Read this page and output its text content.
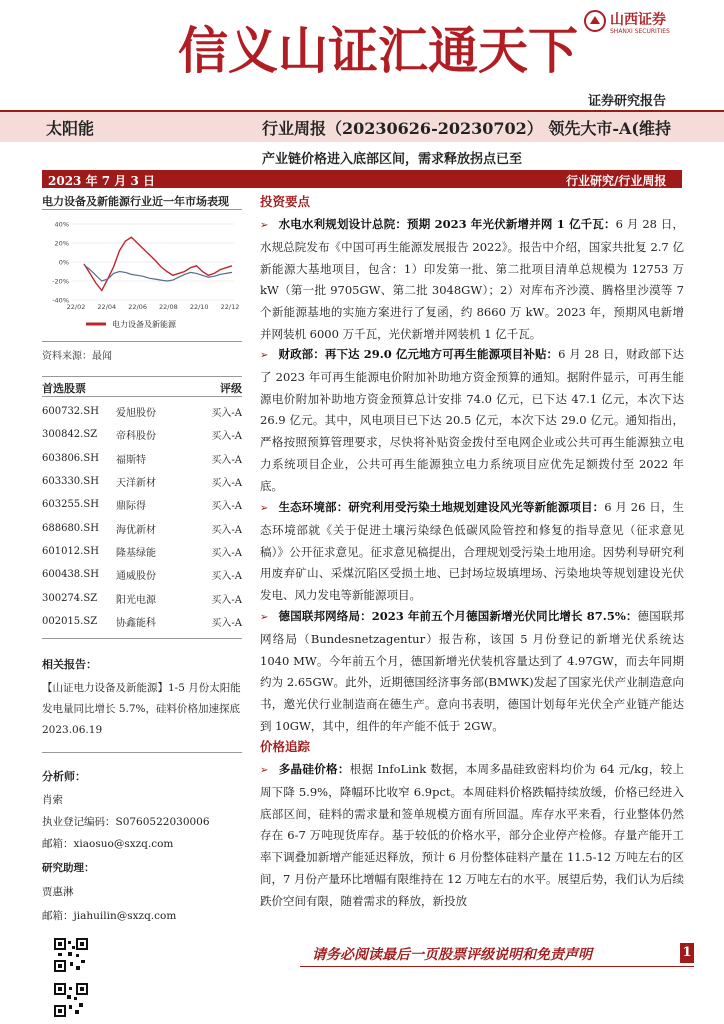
信义山证汇通天下
山西证券
SHANXI SECURITIES
证券研究报告
太阳能	行业周报（20230626-20230702） 领先大市-A(维持
产业链价格进入底部区间，需求释放拐点已至
2023 年 7 月 3 日	行业研究/行业周报
电力设备及新能源行业近一年市场表现
40%
20%
0%
-20%
-40%
22/02 22/04 22/06 22/08 22/10 22/12
电力设备及新能源
资料来源：最闻
首选股票	评级
600732.SH	爱旭股份	买入-A
300842.SZ	帝科股份	买入-A
603806.SH	福斯特	买入-A
603330.SH	天洋新材	买入-A
603255.SH	鼎际得	买入-A
688680.SH	海优新材	买入-A
601012.SH	隆基绿能	买入-A
600438.SH	通威股份	买入-A
300274.SZ	阳光电源	买入-A
002015.SZ	协鑫能科	买入-A
相关报告：
【山证电力设备及新能源】1-5 月份太阳能发电量同比增长 5.7%，硅料价格加速探底 2023.06.19
分析师：
肖索
执业登记编码：S0760522030006
邮箱：xiaosuo@sxzq.com
研究助理：
贾惠淋
邮箱：jiahuilin@sxzq.com
投资要点
➢ 水电水利规划设计总院：预期 2023 年光伏新增并网 1 亿千瓦：6 月 28 日，水规总院发布《中国可再生能源发展报告 2022》。报告中介绍，国家共批复 2.7 亿新能源大基地项目，包含：1）印发第一批、第二批项目清单总规模为 12753 万 kW（第一批 9705GW、第二批 3048GW）；2）对库布齐沙漠、腾格里沙漠等 7 个新能源基地的实施方案进行了复函，约 8660 万 kW。2023 年，预期风电新增并网装机 6000 万千瓦，光伏新增并网装机 1 亿千瓦。
➢ 财政部：再下达 29.0 亿元地方可再生能源项目补贴：6 月 28 日，财政部下达了 2023 年可再生能源电价附加补助地方资金预算的通知。据附件显示，可再生能源电价附加补助地方资金预算总计安排 74.0 亿元，已下达 47.1 亿元，本次下达 26.9 亿元。其中，风电项目已下达 20.5 亿元，本次下达 29.0 亿元。通知指出，严格按照预算管理要求，尽快将补贴资金拨付至电网企业或公共可再生能源独立电力系统项目企业，公共可再生能源独立电力系统项目应优先足额拨付至 2022 年底。
➢ 生态环境部：研究利用受污染土地规划建设风光等新能源项目：6 月 26 日，生态环境部就《关于促进土壤污染绿色低碳风险管控和修复的指导意见（征求意见稿）》公开征求意见。征求意见稿提出，合理规划受污染土地用途。因势利导研究利用废弃矿山、采煤沉陷区受损土地、已封场垃圾填埋场、污染地块等规划建设光伏发电、风力发电等新能源项目。
➢ 德国联邦网络局：2023 年前五个月德国新增光伏同比增长 87.5%：德国联邦网络局（Bundesnetzagentur）报告称，该国 5 月份登记的新增光伏系统达 1040 MW。今年前五个月，德国新增光伏装机容量达到了 4.97GW，而去年同期约为 2.65GW。此外，近期德国经济事务部(BMWK)发起了国家光伏产业制造意向书，邀光伏行业制造商在德生产。意向书表明，德国计划每年光伏全产业链产能达到 10GW，其中，组件的年产能不低于 2GW。
价格追踪
➢ 多晶硅价格：根据 InfoLink 数据，本周多晶硅致密料均价为 64 元/kg，较上周下降 5.9%，降幅环比收窄 6.9pct。本周硅料价格跌幅持续放缓，价格已经进入底部区间，硅料的需求量和签单规模方面有所回温。库存水平来看，行业整体仍然存在 6-7 万吨现货库存。基于较低的价格水平，部分企业停产检修。存量产能开工率下调叠加新增产能延迟释放，预计 6 月份整体硅料产量在 11.5-12 万吨左右的区间，7 月份产量环比增幅有限维持在 12 万吨左右的水平。展望后势，我们认为后续跌价空间有限，随着需求的释放，新投放
请务必阅读最后一页股票评级说明和免责声明	1
